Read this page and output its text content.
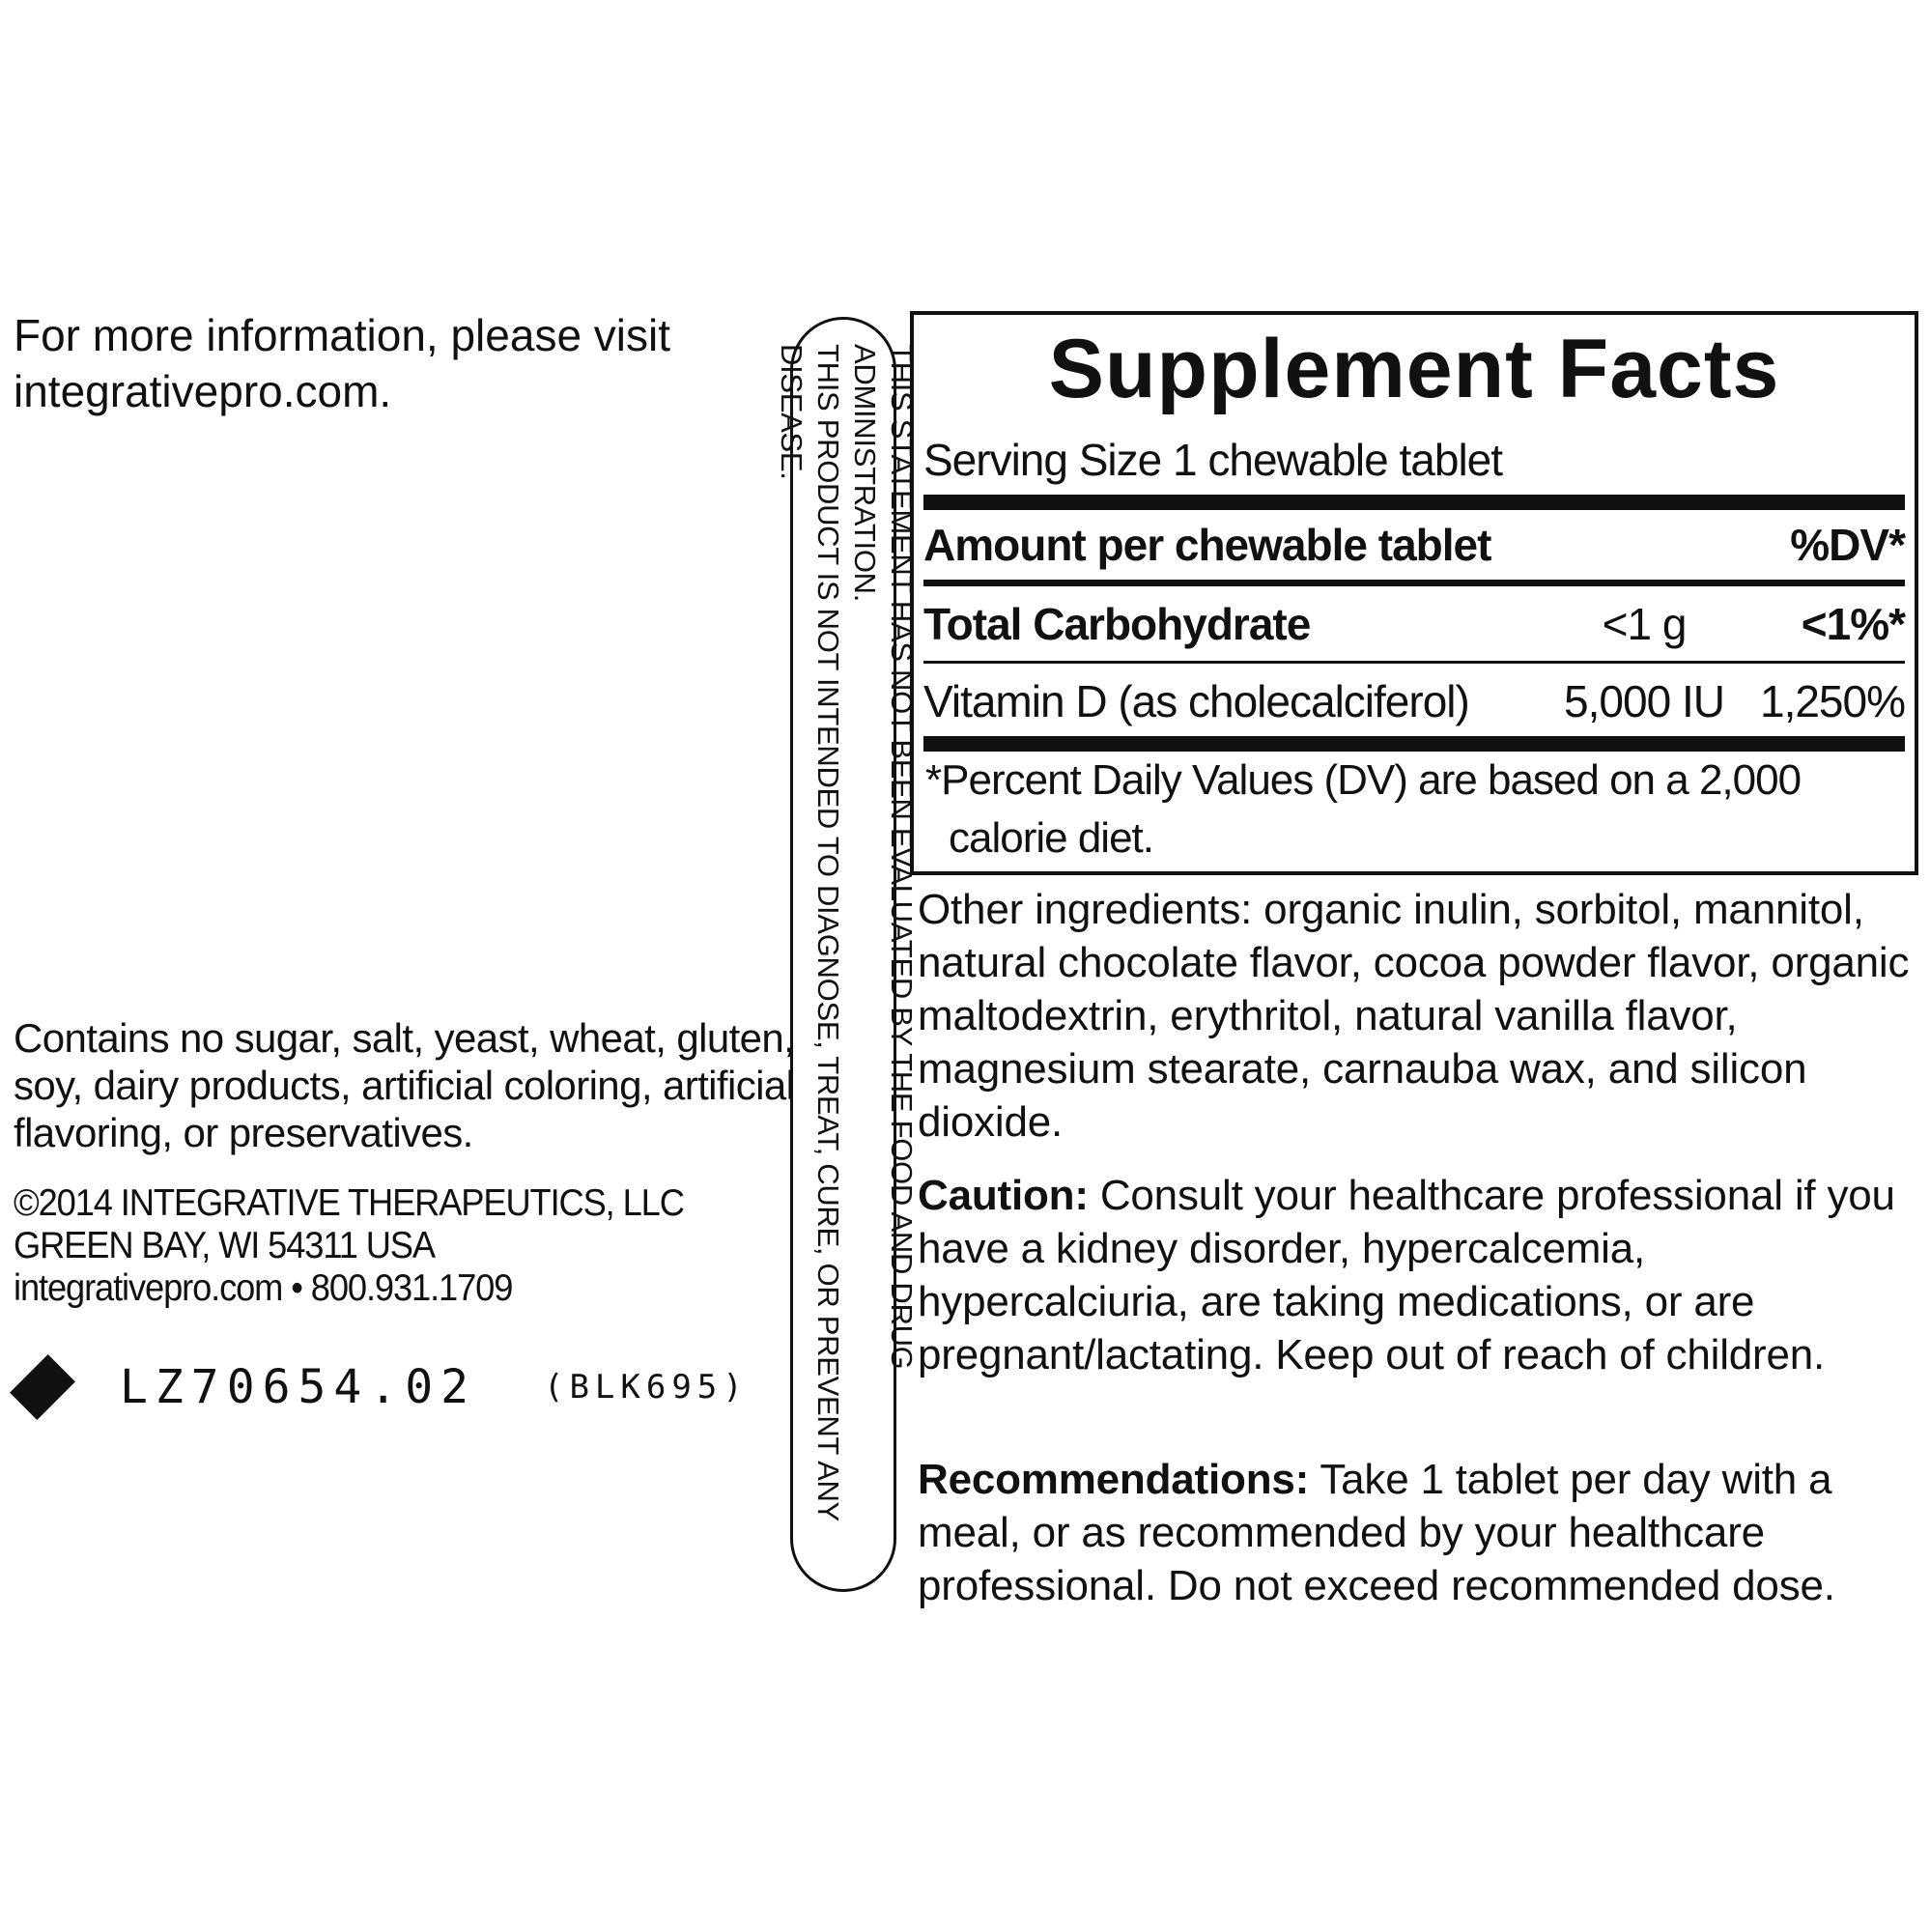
For more information, please visit integrativepro.com.
Contains no sugar, salt, yeast, wheat, gluten, soy, dairy products, artificial coloring, artificial flavoring, or preservatives.
©2014 INTEGRATIVE THERAPEUTICS, LLC
GREEN BAY, WI 54311 USA
integrativepro.com • 800.931.1709
LZ70654.02 (BLK695)
THIS STATEMENT HAS NOT BEEN EVALUATED BY THE FOOD AND DRUG ADMINISTRATION.
THIS PRODUCT IS NOT INTENDED TO DIAGNOSE, TREAT, CURE, OR PREVENT ANY DISEASE.	Supplement Facts
Serving Size 1 chewable tablet
Amount per chewable tablet	%DV*
Total Carbohydrate	<1 g	<1%*
Vitamin D (as cholecalciferol)	5,000 IU 1,250%
*Percent Daily Values (DV) are based on a 2,000
calorie diet.
Other ingredients: organic inulin, sorbitol, mannitol, natural chocolate flavor, cocoa powder flavor, organic maltodextrin, erythritol, natural vanilla flavor, magnesium stearate, carnauba wax, and silicon dioxide.
Caution: Consult your healthcare professional if you have a kidney disorder, hypercalcemia, hypercalciuria, are taking medications, or are pregnant/lactating. Keep out of reach of children.
Recommendations: Take 1 tablet per day with a meal, or as recommended by your healthcare professional. Do not exceed recommended dose.
